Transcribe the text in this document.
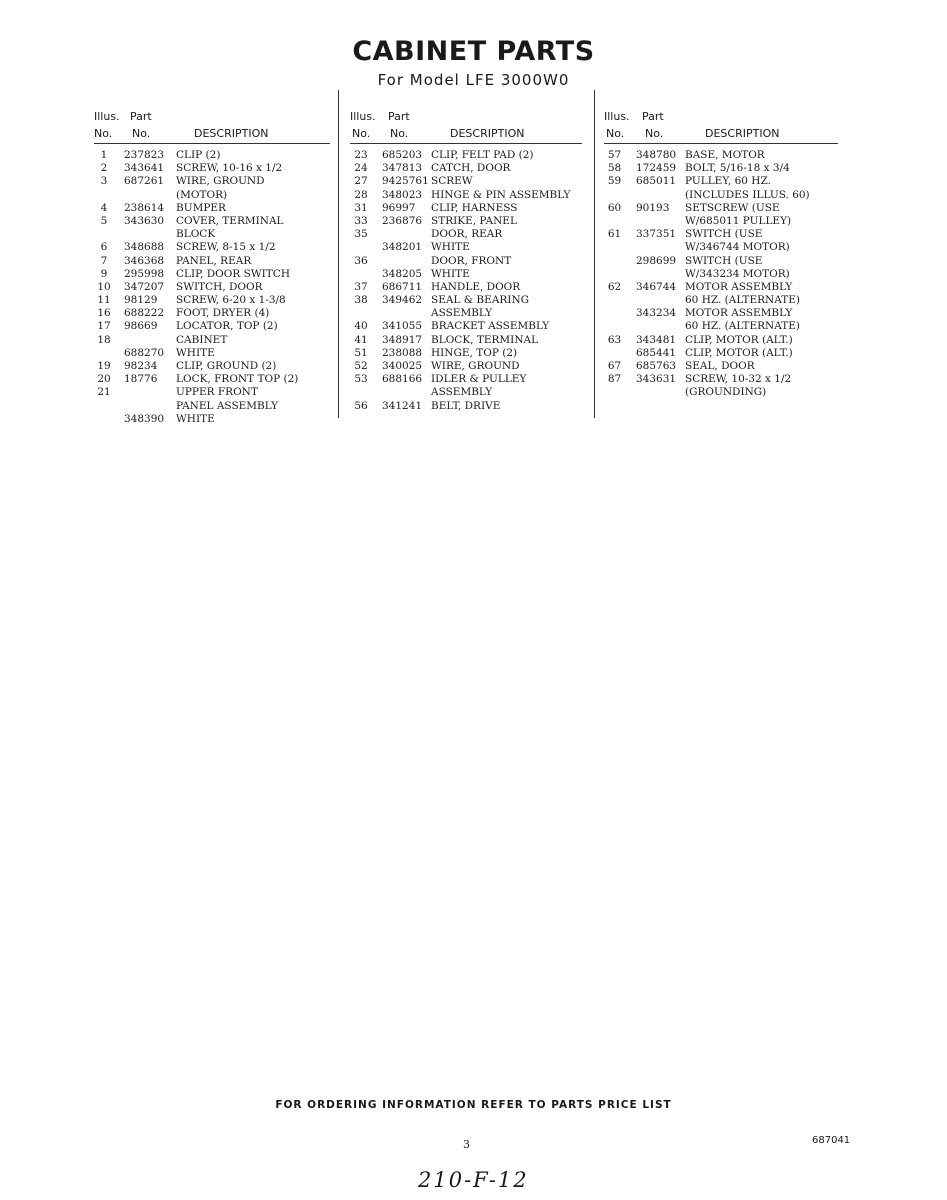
CABINET PARTS
For Model LFE 3000W0
Illus. Part
No. No.	DESCRIPTION
1	237823 CLIP (2)
2	343641 SCREW, 10-16 x 1/2
3	687261 WIRE, GROUND
(MOTOR)
4	238614 BUMPER
5	343630 COVER, TERMINAL
BLOCK
6	348688 SCREW, 8-15 x 1/2
7	346368 PANEL, REAR
9	295998 CLIP, DOOR SWITCH
10	347207 SWITCH, DOOR
11	98129 SCREW, 6-20 x 1-3/8
16	688222 FOOT, DRYER (4)
17	98669 LOCATOR, TOP (2)
18	CABINET
688270 WHITE
19	98234 CLIP, GROUND (2)
20	18776 LOCK, FRONT TOP (2)
21	UPPER FRONT
PANEL ASSEMBLY
348390 WHITE
Illus. Part
No. No.	DESCRIPTION
23	685203 CLIP, FELT PAD (2)
24	347813 CATCH, DOOR
27	9425761 SCREW
28	348023 HINGE & PIN ASSEMBLY
31	96997 CLIP, HARNESS
33	236876 STRIKE, PANEL
35	DOOR, REAR
348201 WHITE
36	DOOR, FRONT
348205 WHITE
37	686711 HANDLE, DOOR
38	349462 SEAL & BEARING
ASSEMBLY
40	341055 BRACKET ASSEMBLY
41	348917 BLOCK, TERMINAL
51	238088 HINGE, TOP (2)
52	340025 WIRE, GROUND
53	688166 IDLER & PULLEY
ASSEMBLY
56	341241 BELT, DRIVE
Illus. Part
No. No.	DESCRIPTION
57	348780 BASE, MOTOR
58	172459 BOLT, 5/16-18 x 3/4
59	685011 PULLEY, 60 HZ.
(INCLUDES ILLUS. 60)
60	90193 SETSCREW (USE
W/685011 PULLEY)
61	337351 SWITCH (USE
W/346744 MOTOR)
298699 SWITCH (USE
W/343234 MOTOR)
62	346744 MOTOR ASSEMBLY
60 HZ. (ALTERNATE)
343234 MOTOR ASSEMBLY
60 HZ. (ALTERNATE)
63	343481 CLIP, MOTOR (ALT.)
685441 CLIP, MOTOR (ALT.)
67	685763 SEAL, DOOR
87	343631 SCREW, 10-32 x 1/2
(GROUNDING)
FOR ORDERING INFORMATION REFER TO PARTS PRICE LIST
3	687041
210-F-12
